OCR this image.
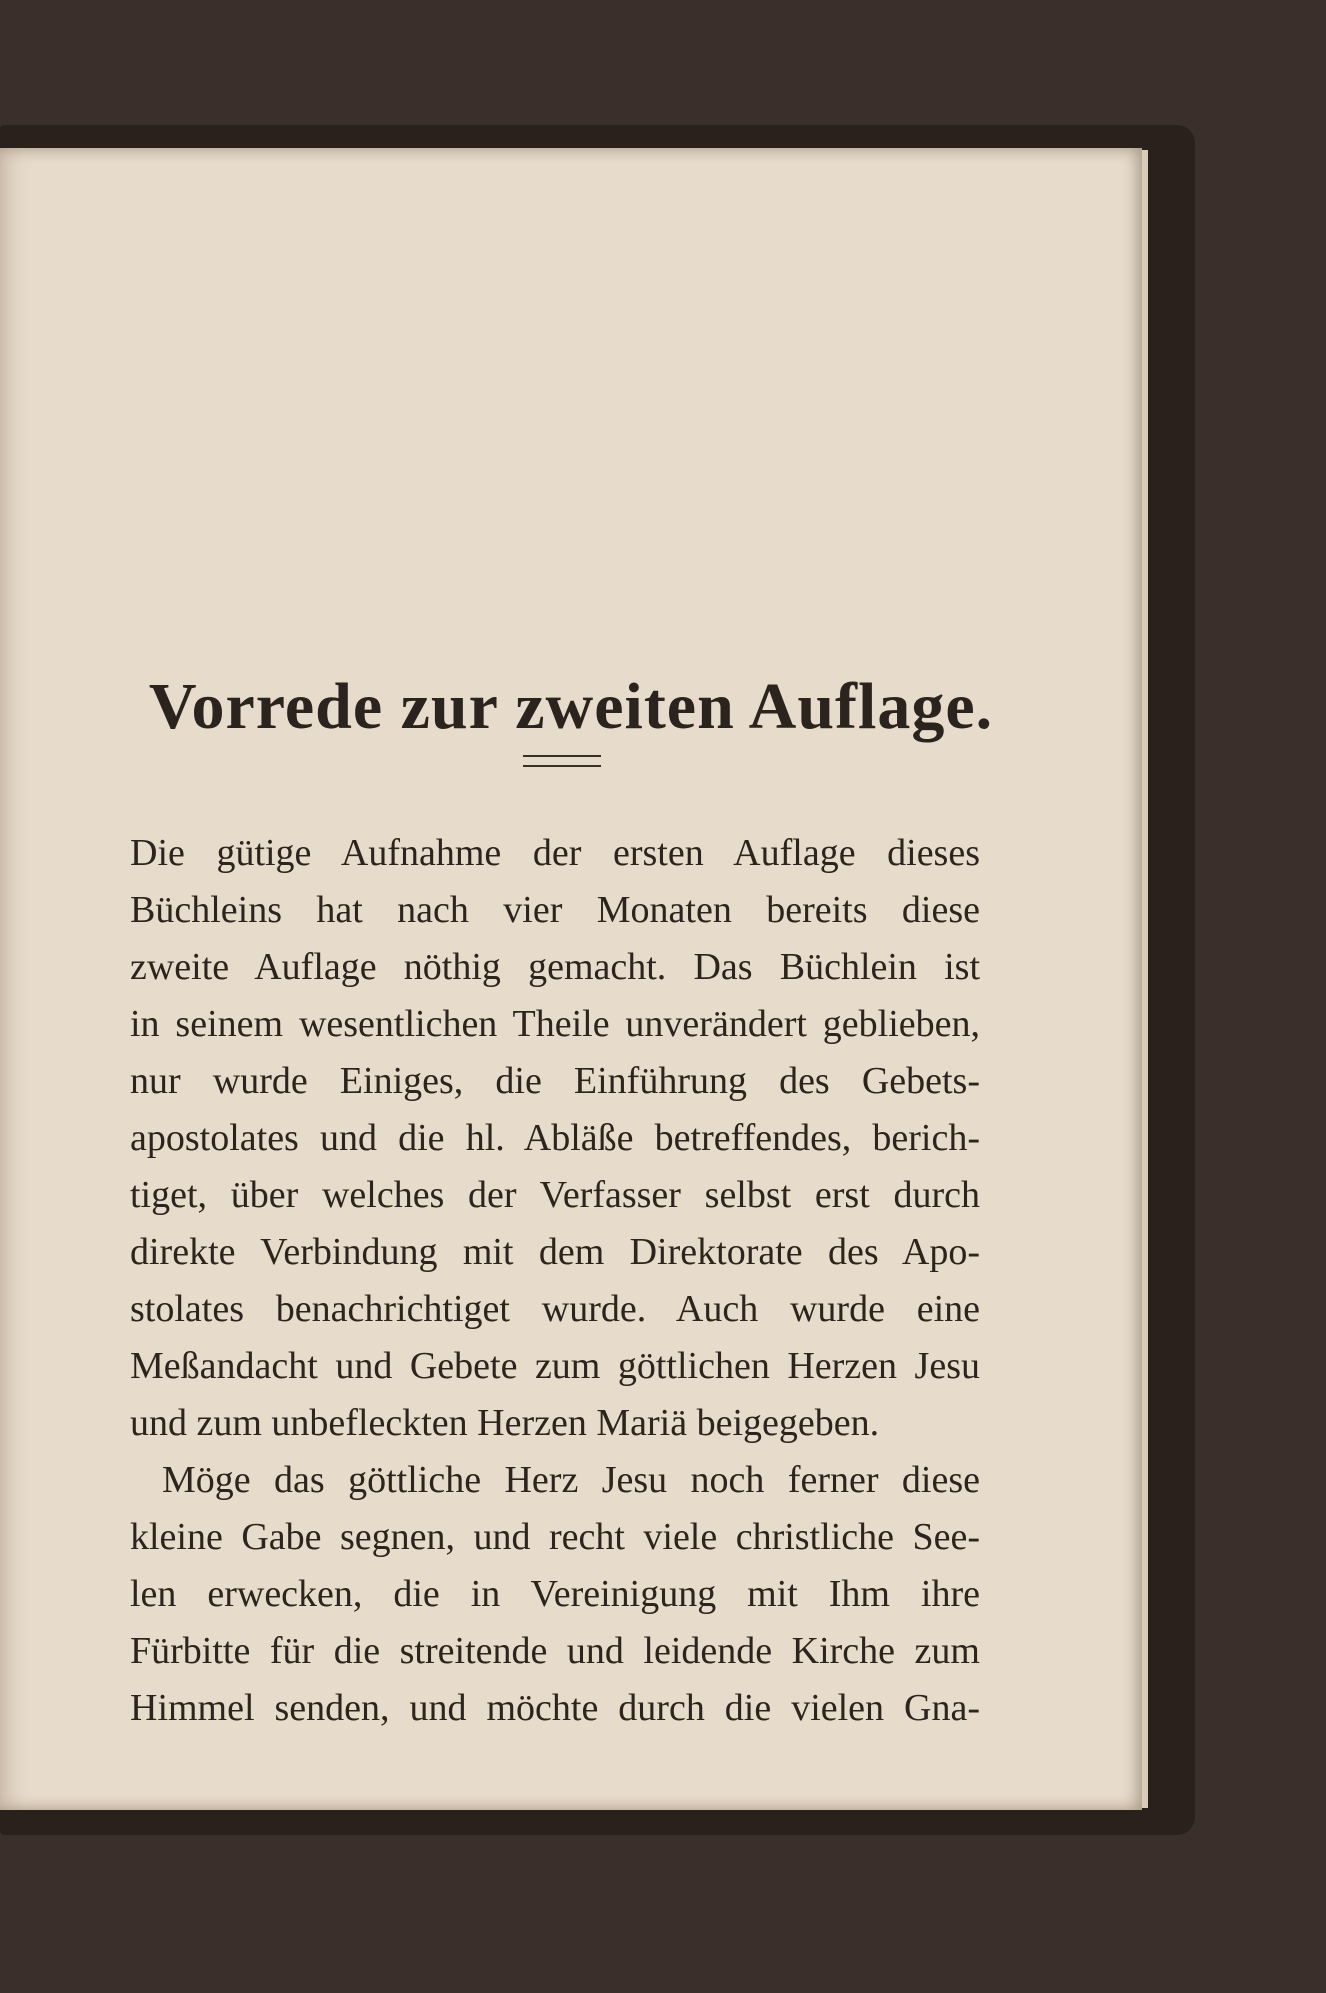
Vorrede zur zweiten Auflage.
Die gütige Aufnahme der ersten Auflage dieses
Büchleins hat nach vier Monaten bereits diese
zweite Auflage nöthig gemacht. Das Büchlein ist
in seinem wesentlichen Theile unverändert geblieben,
nur wurde Einiges, die Einführung des Gebets-
apostolates und die hl. Abläße betreffendes, berich-
tiget, über welches der Verfasser selbst erst durch
direkte Verbindung mit dem Direktorate des Apo-
stolates benachrichtiget wurde. Auch wurde eine
Meßandacht und Gebete zum göttlichen Herzen Jesu
und zum unbefleckten Herzen Mariä beigegeben.
Möge das göttliche Herz Jesu noch ferner diese
kleine Gabe segnen, und recht viele christliche See-
len erwecken, die in Vereinigung mit Ihm ihre
Fürbitte für die streitende und leidende Kirche zum
Himmel senden, und möchte durch die vielen Gna-
